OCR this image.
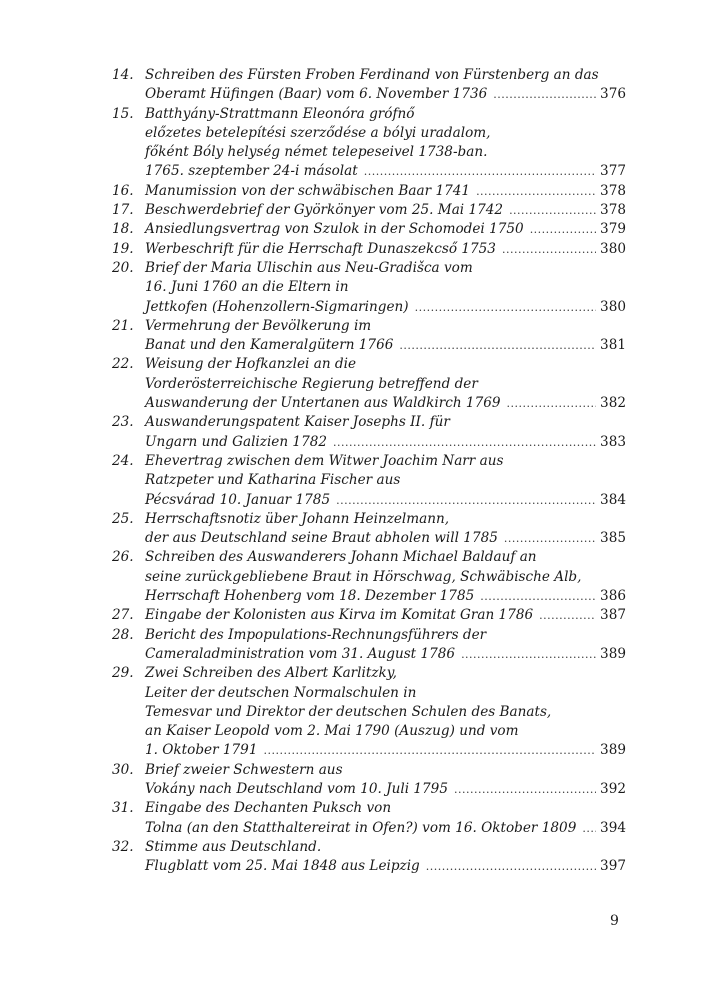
14. Schreiben des Fürsten Froben Ferdinand von Fürstenberg an das
Oberamt Hüfingen (Baar) vom 6. November 1736 .....	376
15. Batthyány-Strattmann Eleonóra grófnő
előzetes betelepítési szerződése a bólyi uradalom,
főként Bóly helység német telepeseivel 1738-ban.
1765. szeptember 24-i másolat .....	377
16. Manumission von der schwäbischen Baar 1741 .....	378
17. Beschwerdebrief der Györkönyer vom 25. Mai 1742 .....	378
18. Ansiedlungsvertrag von Szulok in der Schomodei 1750 .....	379
19. Werbeschrift für die Herrschaft Dunaszekcső 1753 .....	380
20. Brief der Maria Ulischin aus Neu-Gradišca vom
16. Juni 1760 an die Eltern in
Jettkofen (Hohenzollern-Sigmaringen) .....	380
21. Vermehrung der Bevölkerung im
Banat und den Kameralgütern 1766 .....	381
22. Weisung der Hofkanzlei an die
Vorderösterreichische Regierung betreffend der
Auswanderung der Untertanen aus Waldkirch 1769 .....	382
23. Auswanderungspatent Kaiser Josephs II. für
Ungarn und Galizien 1782 .....	383
24. Ehevertrag zwischen dem Witwer Joachim Narr aus
Ratzpeter und Katharina Fischer aus
Pécsvárad 10. Januar 1785 .....	384
25. Herrschaftsnotiz über Johann Heinzelmann,
der aus Deutschland seine Braut abholen will 1785 .....	385
26. Schreiben des Auswanderers Johann Michael Baldauf an
seine zurückgebliebene Braut in Hörschwag, Schwäbische Alb,
Herrschaft Hohenberg vom 18. Dezember 1785 .....	386
27. Eingabe der Kolonisten aus Kirva im Komitat Gran 1786 .....	387
28. Bericht des Impopulations-Rechnungsführers der
Cameraladministration vom 31. August 1786 .....	389
29. Zwei Schreiben des Albert Karlitzky,
Leiter der deutschen Normalschulen in
Temesvar und Direktor der deutschen Schulen des Banats,
an Kaiser Leopold vom 2. Mai 1790 (Auszug) und vom
1. Oktober 1791 .....	389
30. Brief zweier Schwestern aus
Vokány nach Deutschland vom 10. Juli 1795 .....	392
31. Eingabe des Dechanten Puksch von
Tolna (an den Statthaltereirat in Ofen?) vom 16. Oktober 1809 ..... 394
32. Stimme aus Deutschland.
Flugblatt vom 25. Mai 1848 aus Leipzig .....	397
9
